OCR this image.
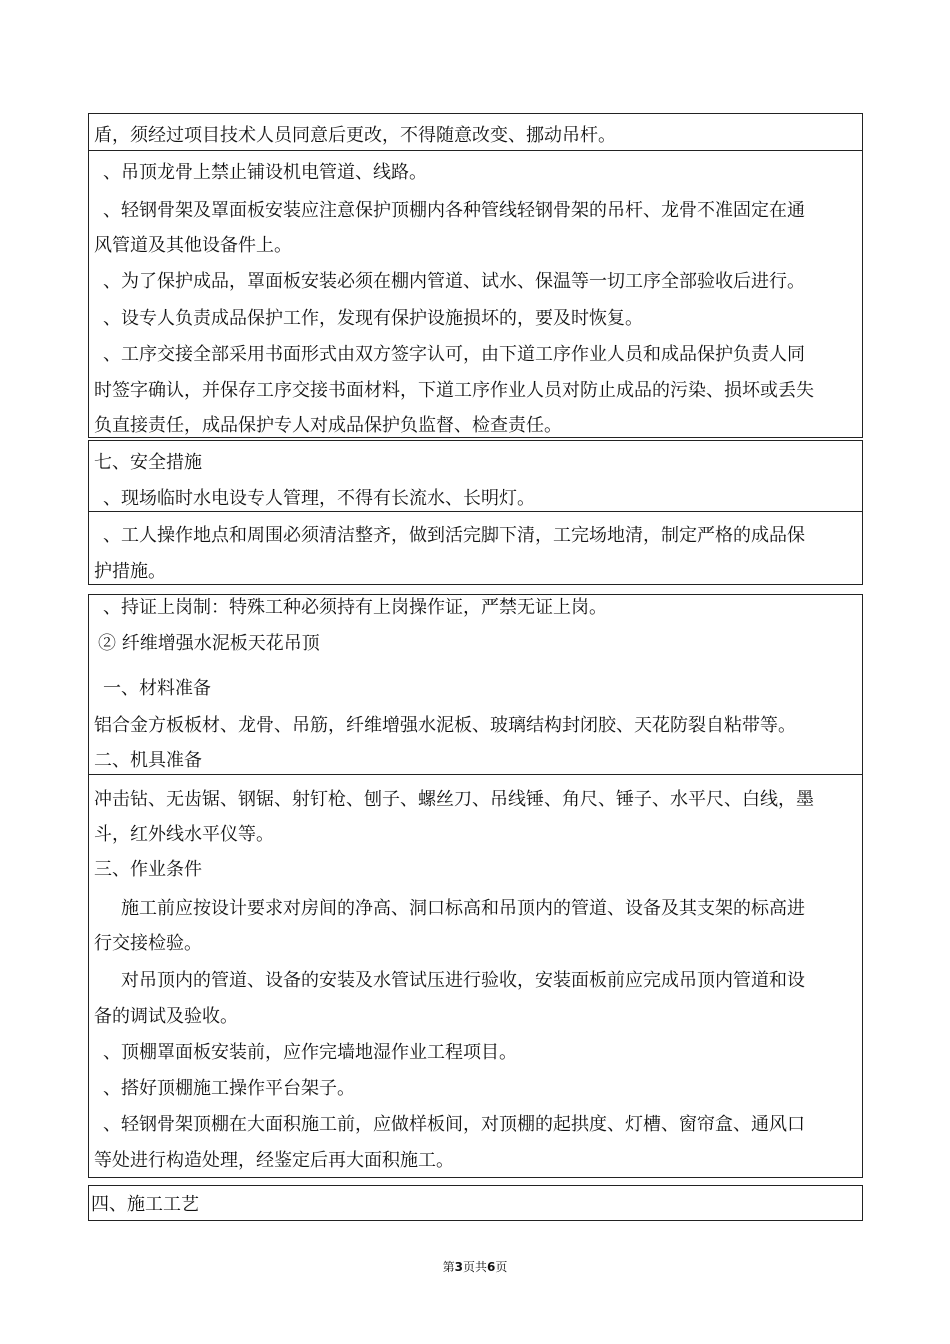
盾，须经过项目技术人员同意后更改，不得随意改变、挪动吊杆。
、吊顶龙骨上禁止铺设机电管道、线路。
、轻钢骨架及罩面板安装应注意保护顶棚内各种管线轻钢骨架的吊杆、龙骨不准固定在通
风管道及其他设备件上。
、为了保护成品，罩面板安装必须在棚内管道、试水、保温等一切工序全部验收后进行。
、设专人负责成品保护工作，发现有保护设施损坏的，要及时恢复。
、工序交接全部采用书面形式由双方签字认可，由下道工序作业人员和成品保护负责人同
时签字确认，并保存工序交接书面材料，下道工序作业人员对防止成品的污染、损坏或丢失
负直接责任，成品保护专人对成品保护负监督、检查责任。
七、安全措施
、现场临时水电设专人管理，不得有长流水、长明灯。
、工人操作地点和周围必须清洁整齐，做到活完脚下清，工完场地清，制定严格的成品保
护措施。
、持证上岗制：特殊工种必须持有上岗操作证，严禁无证上岗。
② 纤维增强水泥板天花吊顶
一、材料准备
铝合金方板板材、龙骨、吊筋，纤维增强水泥板、玻璃结构封闭胶、天花防裂自粘带等。
二、机具准备
冲击钻、无齿锯、钢锯、射钉枪、刨子、螺丝刀、吊线锤、角尺、锤子、水平尺、白线，墨
斗，红外线水平仪等。
三、作业条件
施工前应按设计要求对房间的净高、洞口标高和吊顶内的管道、设备及其支架的标高进
行交接检验。
对吊顶内的管道、设备的安装及水管试压进行验收，安装面板前应完成吊顶内管道和设
备的调试及验收。
、顶棚罩面板安装前，应作完墙地湿作业工程项目。
、搭好顶棚施工操作平台架子。
、轻钢骨架顶棚在大面积施工前，应做样板间，对顶棚的起拱度、灯槽、窗帘盒、通风口
等处进行构造处理，经鉴定后再大面积施工。
四、施工工艺
第3页共6页
